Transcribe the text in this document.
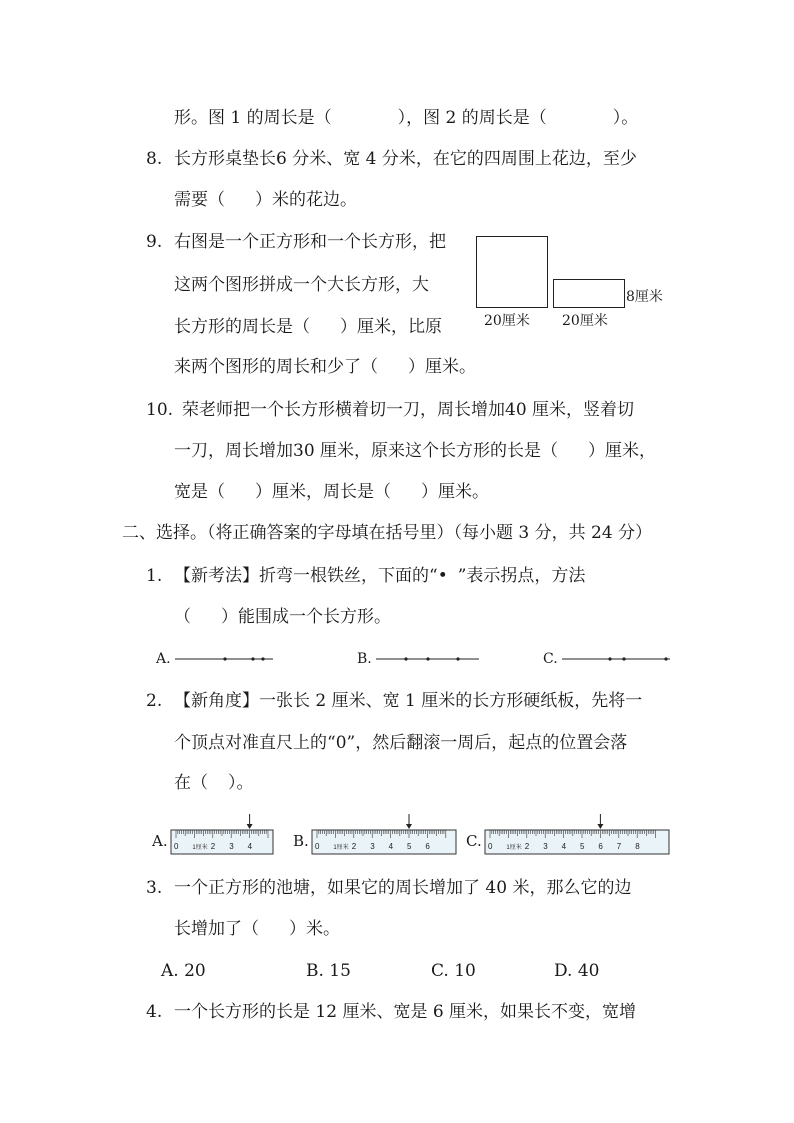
形。图 1 的周长是（	），图 2 的周长是（	）。
8. 长方形桌垫长6 分米、宽 4 分米，在它的四周围上花边，至少
需要（ ）米的花边。
9. 右图是一个正方形和一个长方形，把
这两个图形拼成一个大长方形，大
长方形的周长是（ ）厘米，比原
来两个图形的周长和少了（ ）厘米。
20厘米 20厘米
8厘米
10. 荣老师把一个长方形横着切一刀，周长增加40 厘米，竖着切
一刀，周长增加30 厘米，原来这个长方形的长是（ ）厘米，
宽是（ ）厘米，周长是（ ）厘米。
二、选择。（将正确答案的字母填在括号里）（每小题 3 分，共 24 分）
1. 【新考法】折弯一根铁丝，下面的“• ”表示拐点，方法
（ ）能围成一个长方形。
A.	B.	C.
2. 【新角度】一张长 2 厘米、宽 1 厘米的长方形硬纸板，先将一
个顶点对准直尺上的“0”，然后翻滚一周后，起点的位置会落
在（ ）。
A. 0 1厘米 2 3 4	B. 0 1厘米 2 3 4 5 6 C. 0 1厘米 2 3 4 5 6 7 8
3. 一个正方形的池塘，如果它的周长增加了 40 米，那么它的边
长增加了（ ）米。
A. 20	B. 15	C. 10	D. 40
4. 一个长方形的长是 12 厘米、宽是 6 厘米，如果长不变，宽增
